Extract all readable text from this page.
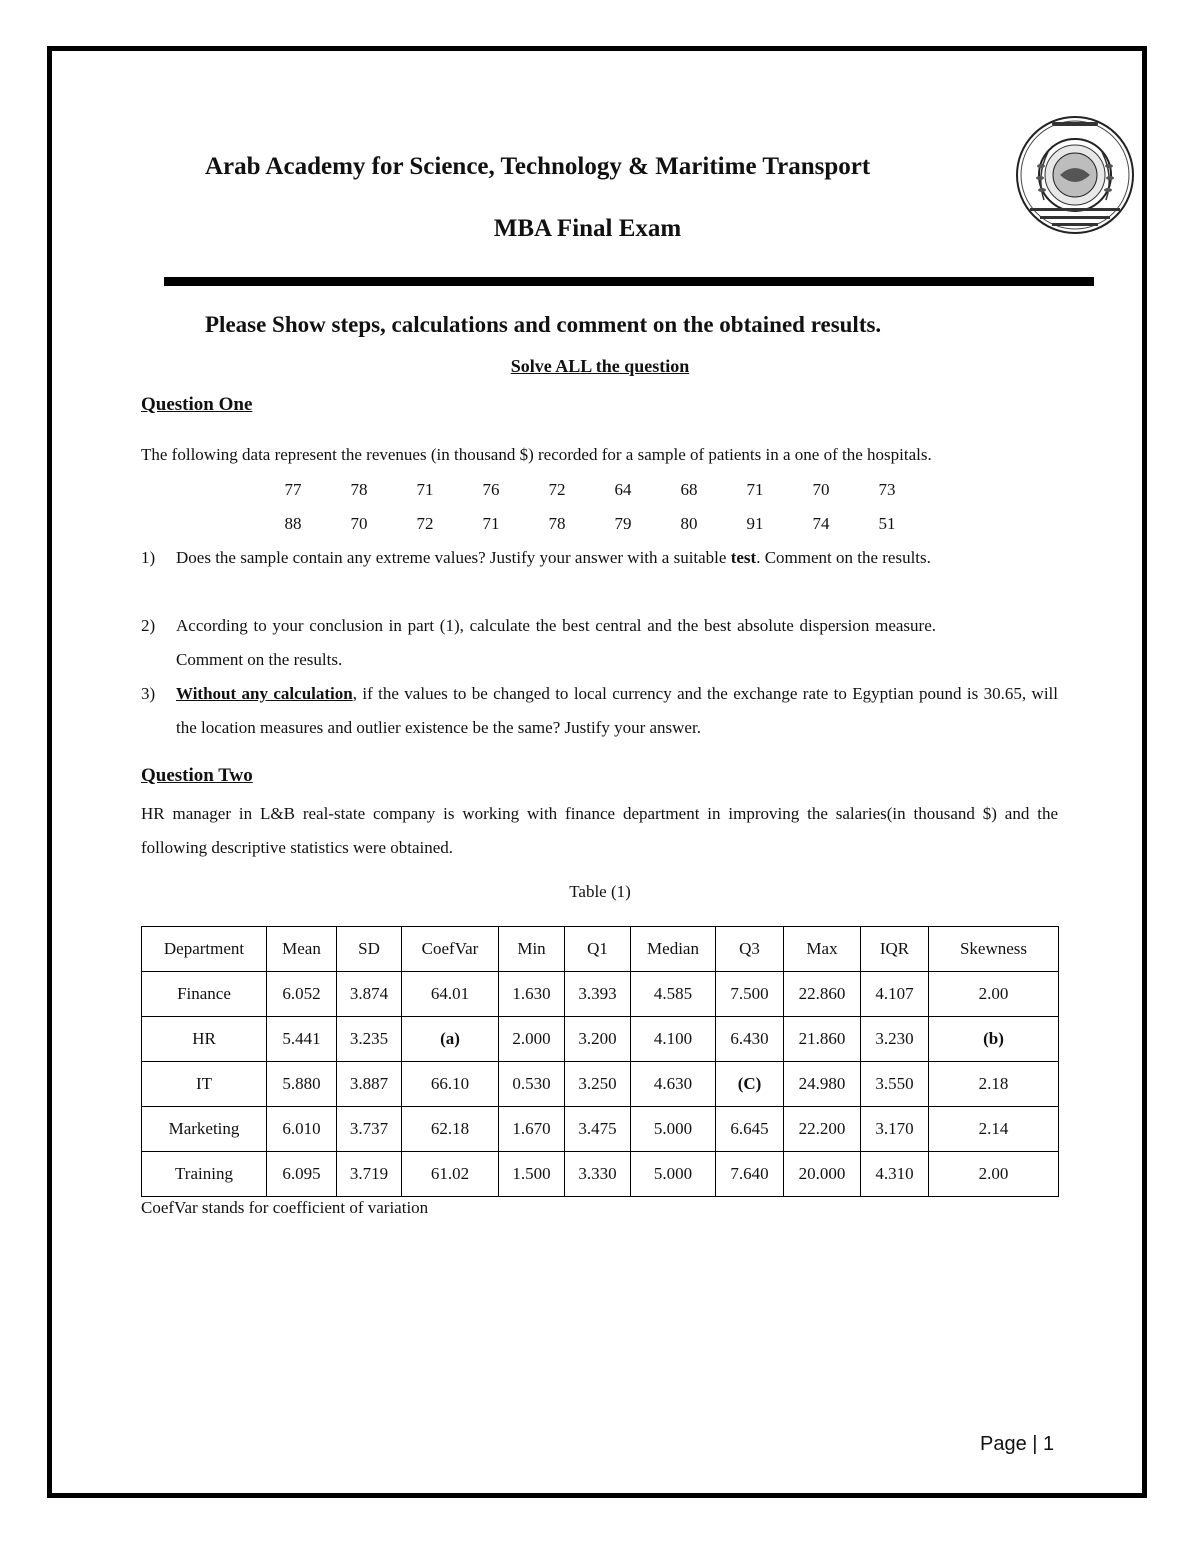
Arab Academy for Science, Technology & Maritime Transport
MBA Final Exam
Please Show steps, calculations and comment on the obtained results.
Solve ALL the question
Question One
The following data represent the revenues (in thousand $) recorded for a sample of patients in a one of the hospitals.
77	78	71	76	72	64	68	71	70	73
88	70	72	71	78	79	80	91	74	51
1) Does the sample contain any extreme values? Justify your answer with a suitable test. Comment on the results.
2) According to your conclusion in part (1), calculate the best central and the best absolute dispersion measure. Comment on the results.
3) Without any calculation, if the values to be changed to local currency and the exchange rate to Egyptian pound is 30.65, will the location measures and outlier existence be the same? Justify your answer.
Question Two
HR manager in L&B real-state company is working with finance department in improving the salaries(in thousand $) and the following descriptive statistics were obtained.
Table (1)
Department	Mean	SD	CoefVar	Min	Q1	Median	Q3	Max	IQR	Skewness
Finance	6.052	3.874	64.01	1.630	3.393	4.585	7.500	22.860	4.107	2.00
HR	5.441	3.235	(a)	2.000	3.200	4.100	6.430	21.860	3.230	(b)
IT	5.880	3.887	66.10	0.530	3.250	4.630	(C)	24.980	3.550	2.18
Marketing	6.010	3.737	62.18	1.670	3.475	5.000	6.645	22.200	3.170	2.14
Training	6.095	3.719	61.02	1.500	3.330	5.000	7.640	20.000	4.310	2.00
CoefVar stands for coefficient of variation
Page | 1
